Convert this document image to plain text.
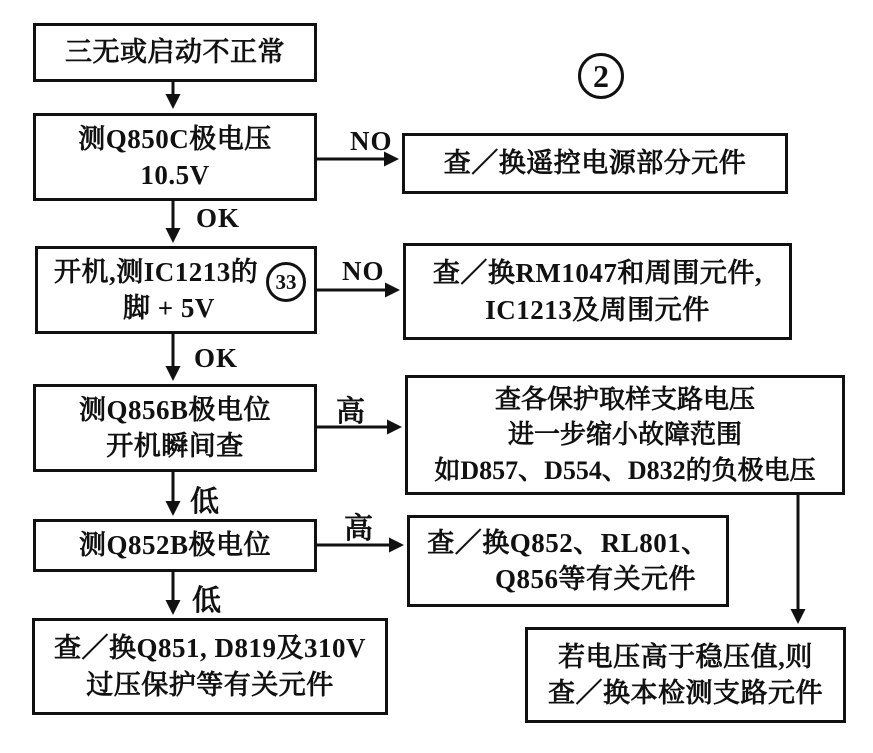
三无或启动不正常
测Q850C极电压
10.5V	查／换遥控电源部分元件
开机,测IC1213的
脚 + 5V
33	查／换RM1047和周围元件,
IC1213及周围元件
测Q856B极电位
开机瞬间查
查各保护取样支路电压
进一步缩小故障范围
如D857、D554、D832的负极电压
测Q852B极电位	查／换Q852、RL801、
Q856等有关元件
查／换Q851, D819及310V
过压保护等有关元件
若电压高于稳压值,则
查／换本检测支路元件
NO
OK
NO
OK
高
低
高
低
2
